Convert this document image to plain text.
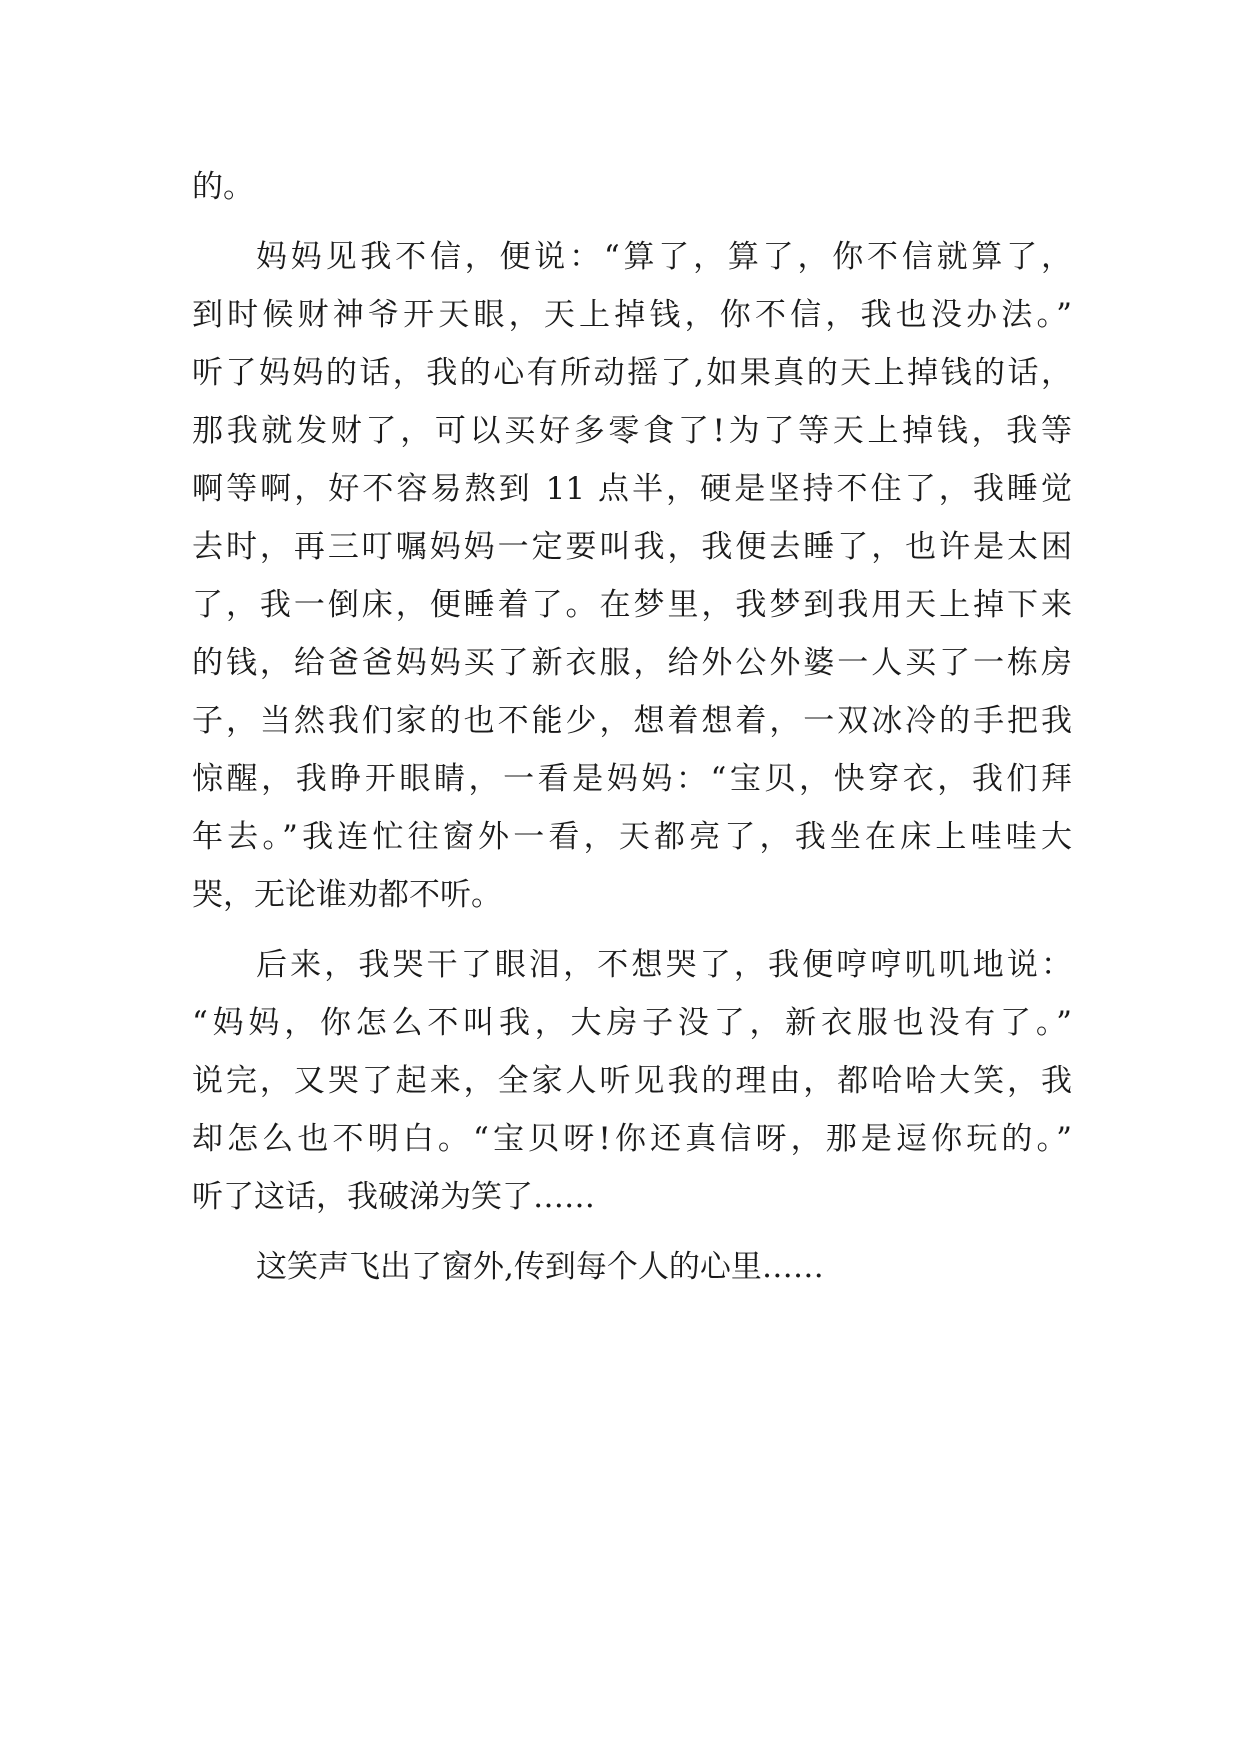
的。
妈妈见我不信，便说：“算了，算了，你不信就算了，
到时候财神爷开天眼，天上掉钱，你不信，我也没办法。”
听了妈妈的话，我的心有所动摇了,如果真的天上掉钱的话，
那我就发财了，可以买好多零食了!为了等天上掉钱，我等
啊等啊，好不容易熬到 11 点半，硬是坚持不住了，我睡觉
去时，再三叮嘱妈妈一定要叫我，我便去睡了，也许是太困
了，我一倒床，便睡着了。在梦里，我梦到我用天上掉下来
的钱，给爸爸妈妈买了新衣服，给外公外婆一人买了一栋房
子，当然我们家的也不能少，想着想着，一双冰冷的手把我
惊醒，我睁开眼睛，一看是妈妈：“宝贝，快穿衣，我们拜
年去。”我连忙往窗外一看，天都亮了，我坐在床上哇哇大
哭，无论谁劝都不听。
后来，我哭干了眼泪，不想哭了，我便哼哼叽叽地说：
“妈妈，你怎么不叫我，大房子没了，新衣服也没有了。”
说完，又哭了起来，全家人听见我的理由，都哈哈大笑，我
却怎么也不明白。“宝贝呀!你还真信呀，那是逗你玩的。”
听了这话，我破涕为笑了……
这笑声飞出了窗外,传到每个人的心里……
